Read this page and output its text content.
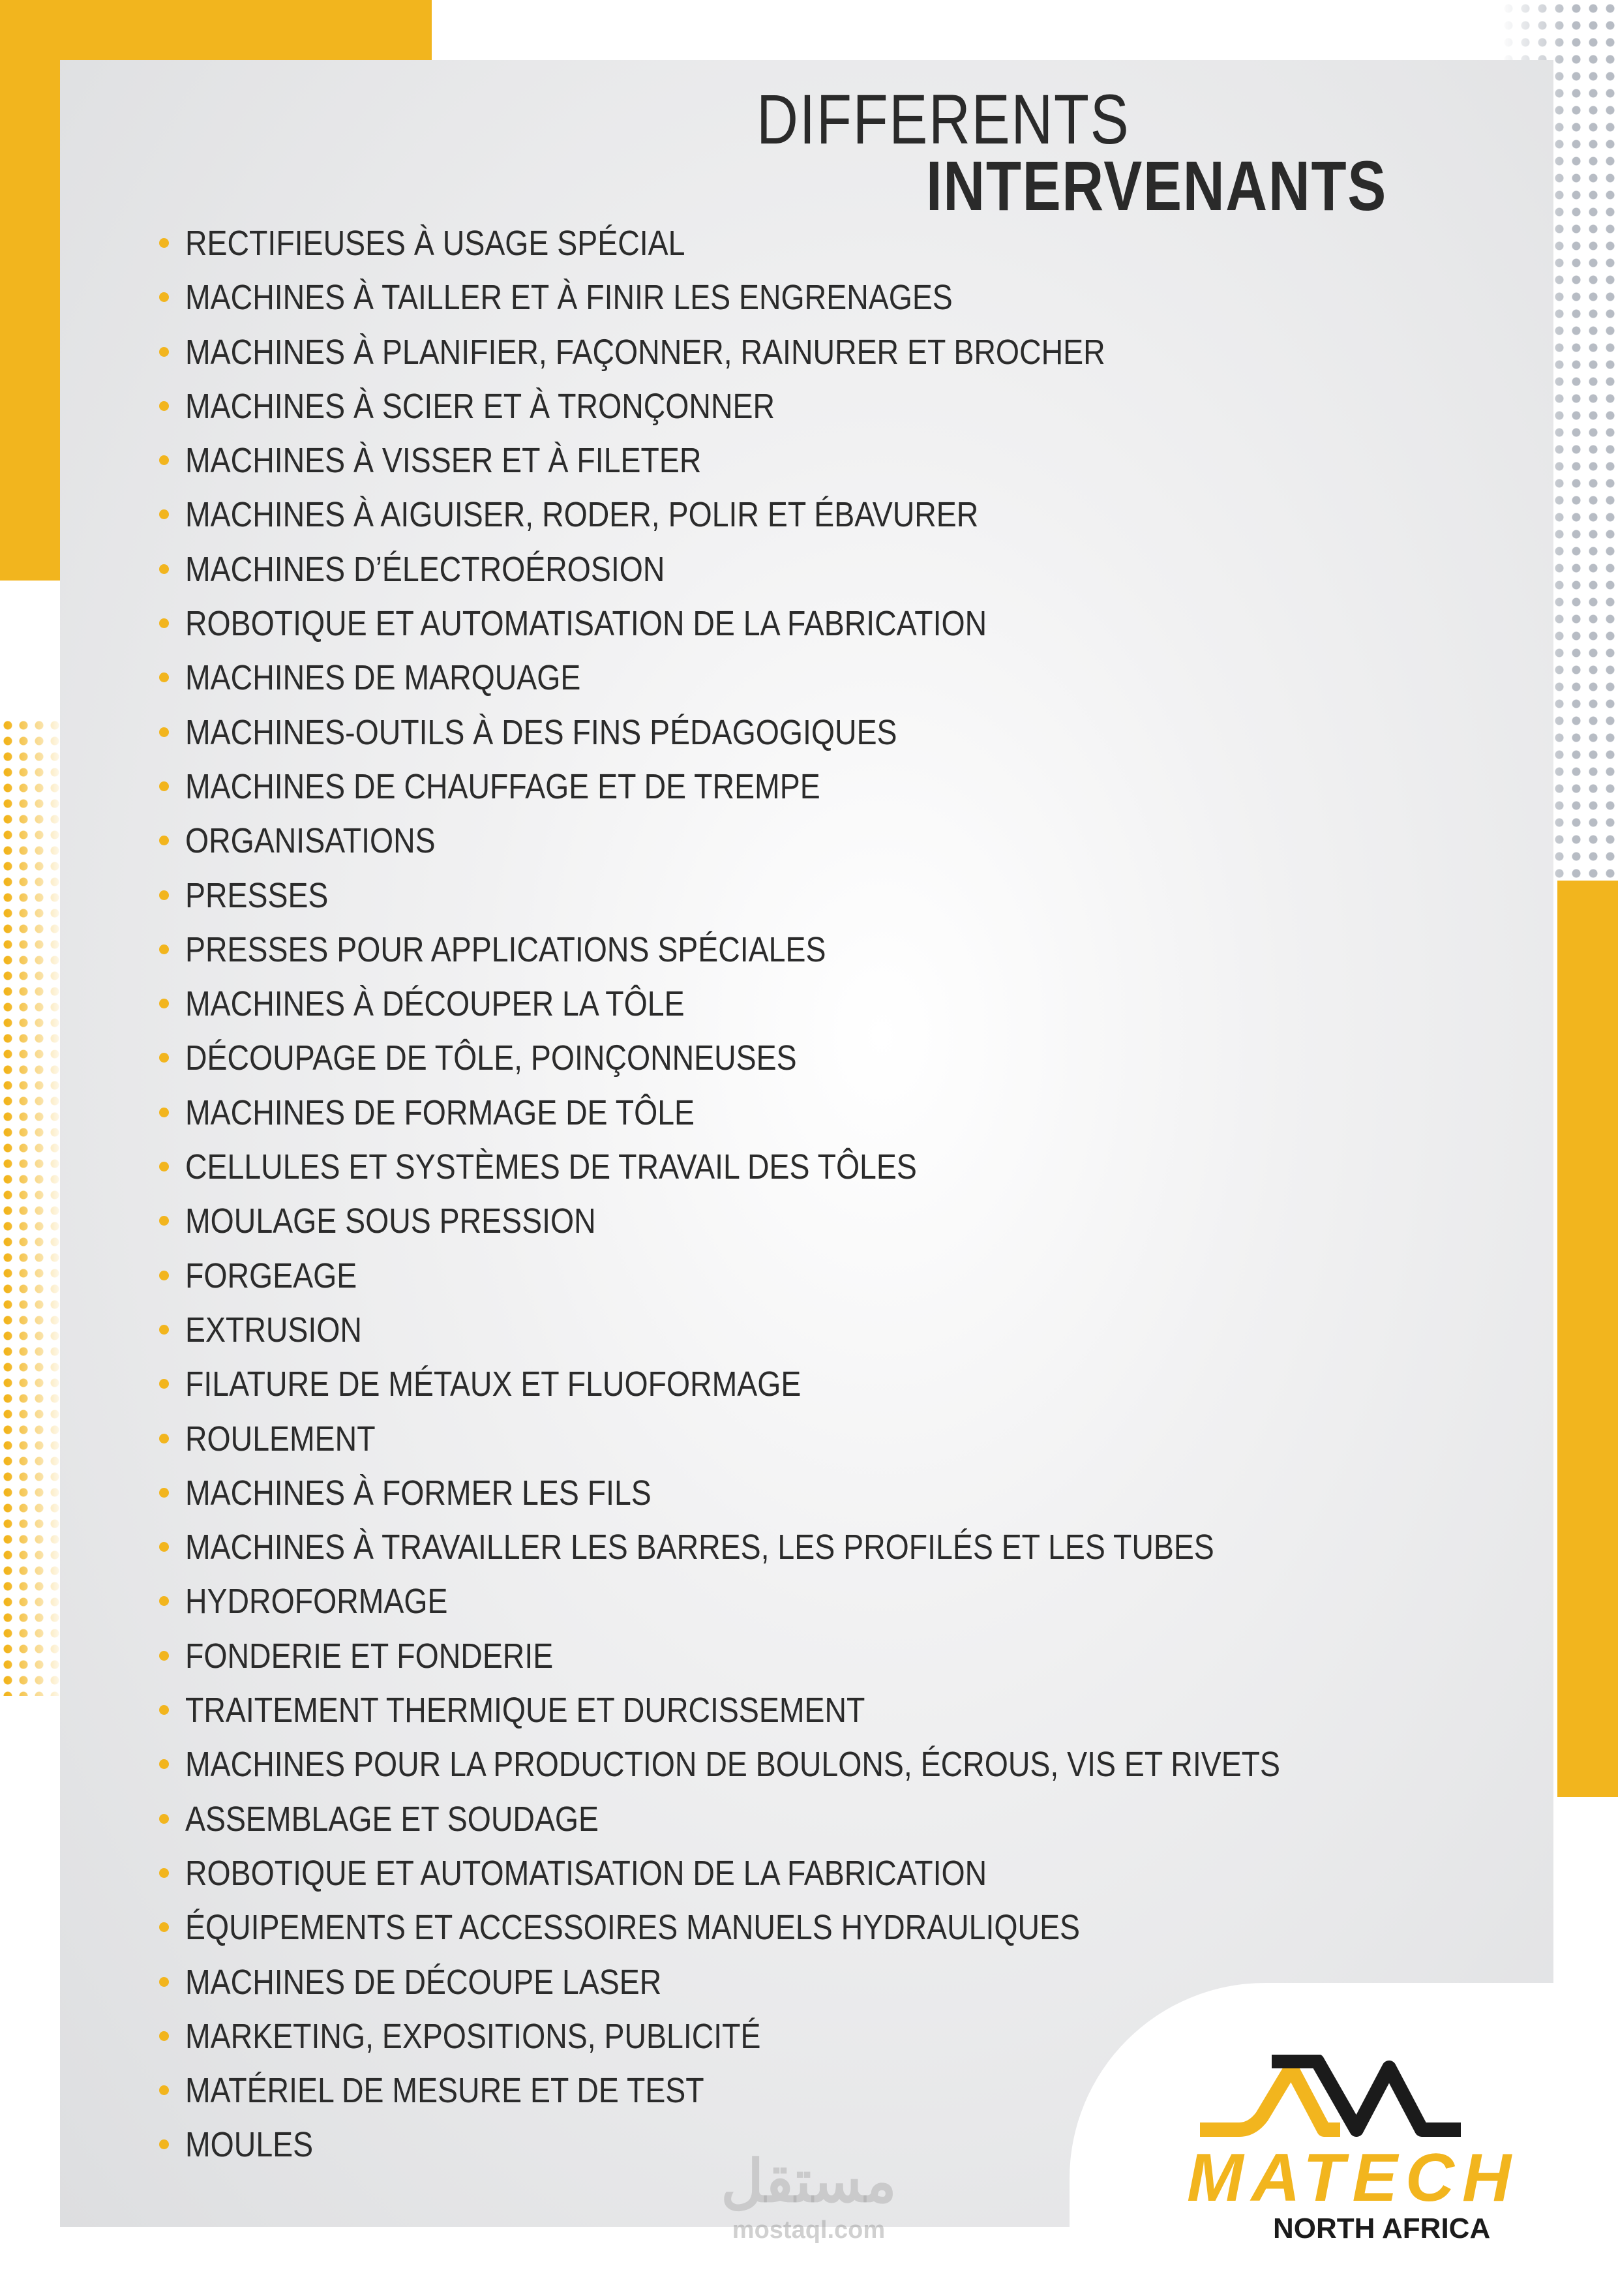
DIFFERENTS
INTERVENANTS
RECTIFIEUSES À USAGE SPÉCIAL
MACHINES À TAILLER ET À FINIR LES ENGRENAGES
MACHINES À PLANIFIER, FAÇONNER, RAINURER ET BROCHER
MACHINES À SCIER ET À TRONÇONNER
MACHINES À VISSER ET À FILETER
MACHINES À AIGUISER, RODER, POLIR ET ÉBAVURER
MACHINES D’ÉLECTROÉROSION
ROBOTIQUE ET AUTOMATISATION DE LA FABRICATION
MACHINES DE MARQUAGE
MACHINES-OUTILS À DES FINS PÉDAGOGIQUES
MACHINES DE CHAUFFAGE ET DE TREMPE
ORGANISATIONS
PRESSES
PRESSES POUR APPLICATIONS SPÉCIALES
MACHINES À DÉCOUPER LA TÔLE
DÉCOUPAGE DE TÔLE, POINÇONNEUSES
MACHINES DE FORMAGE DE TÔLE
CELLULES ET SYSTÈMES DE TRAVAIL DES TÔLES
MOULAGE SOUS PRESSION
FORGEAGE
EXTRUSION
FILATURE DE MÉTAUX ET FLUOFORMAGE
ROULEMENT
MACHINES À FORMER LES FILS
MACHINES À TRAVAILLER LES BARRES, LES PROFILÉS ET LES TUBES
HYDROFORMAGE
FONDERIE ET FONDERIE
TRAITEMENT THERMIQUE ET DURCISSEMENT
MACHINES POUR LA PRODUCTION DE BOULONS, ÉCROUS, VIS ET RIVETS
ASSEMBLAGE ET SOUDAGE
ROBOTIQUE ET AUTOMATISATION DE LA FABRICATION
ÉQUIPEMENTS ET ACCESSOIRES MANUELS HYDRAULIQUES
MACHINES DE DÉCOUPE LASER
MARKETING, EXPOSITIONS, PUBLICITÉ
MATÉRIEL DE MESURE ET DE TEST
MOULES	MATECH
NORTH AFRICA
مستقل
mostaql.com
